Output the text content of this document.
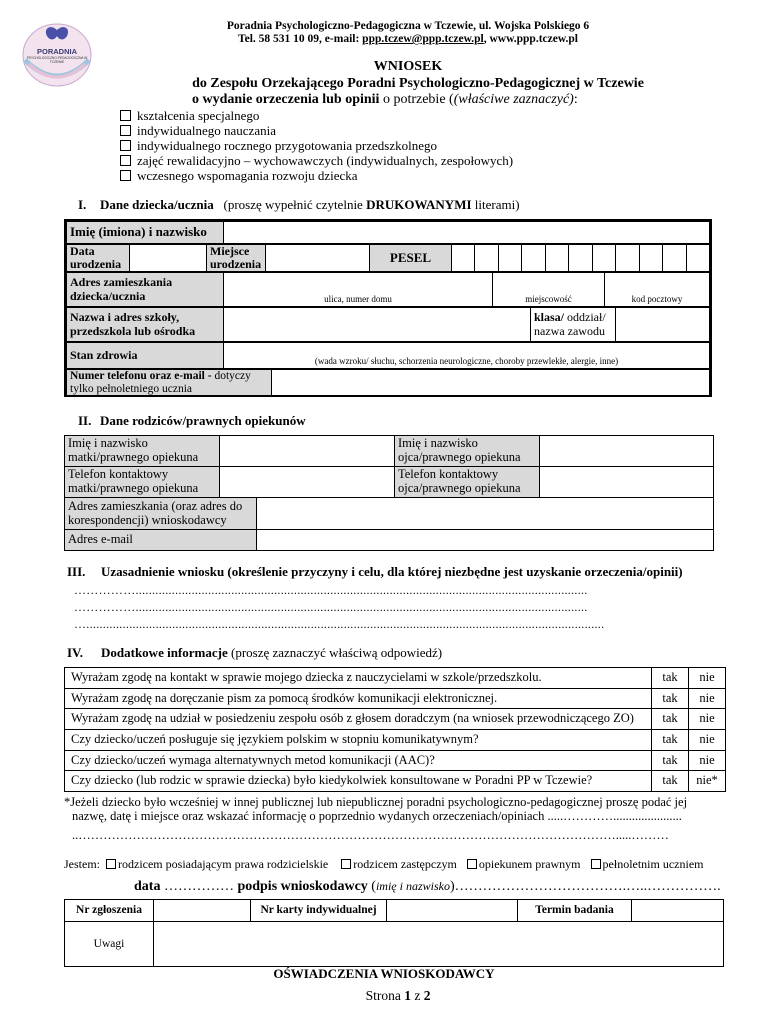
PORADNIA
PSYCHOLOGICZNO-PEDAGOGICZNA W TCZEWIE
Poradnia Psychologiczno-Pedagogiczna w Tczewie, ul. Wojska Polskiego 6
Tel. 58 531 10 09, e-mail: ppp.tczew@ppp.tczew.pl, www.ppp.tczew.pl
WNIOSEK
do Zespołu Orzekającego Poradni Psychologiczno-Pedagogicznej w Tczewie
o wydanie orzeczenia lub opinii o potrzebie ((właściwe zaznaczyć):
kształcenia specjalnego
indywidualnego nauczania
indywidualnego rocznego przygotowania przedszkolnego
zajęć rewalidacyjno – wychowawczych (indywidualnych, zespołowych)
wczesnego wspomagania rozwoju dziecka
I. Dane dziecka/ucznia (proszę wypełnić czytelnie DRUKOWANYMI literami)
Imię (imiona) i nazwisko	
Data urodzenia		Miejsce urodzenia		PESEL											
Adres zamieszkania dziecka/ucznia	ulica, numer domu	miejscowość	kod pocztowy
Nazwa i adres szkoły, przedszkola lub ośrodka		klasa/ oddział/ nazwa zawodu	
Stan zdrowia	(wada wzroku/ słuchu, schorzenia neurologiczne, choroby przewlekłe, alergie, inne)
Numer telefonu oraz e-mail - dotyczy tylko pełnoletniego ucznia	
II. Dane rodziców/prawnych opiekunów
Imię i nazwisko matki/prawnego opiekuna		Imię i nazwisko ojca/prawnego opiekuna	
Telefon kontaktowy matki/prawnego opiekuna		Telefon kontaktowy ojca/prawnego opiekuna	
Adres zamieszkania (oraz adres do korespondencji) wnioskodawcy	
Adres e-mail	
III. Uzasadnienie wniosku (określenie przyczyny i celu, dla której niezbędne jest uzyskanie orzeczenia/opinii)
…………….........................................................................................................................................
…………….........................................................................................................................................
….............................................................................................................................................................
IV. Dodatkowe informacje (proszę zaznaczyć właściwą odpowiedź)
Wyrażam zgodę na kontakt w sprawie mojego dziecka z nauczycielami w szkole/przedszkolu.	tak	nie
Wyrażam zgodę na doręczanie pism za pomocą środków komunikacji elektronicznej.	tak	nie
Wyrażam zgodę na udział w posiedzeniu zespołu osób z głosem doradczym (na wniosek przewodniczącego ZO)	tak	nie
Czy dziecko/uczeń posługuje się językiem polskim w stopniu komunikatywnym?	tak	nie
Czy dziecko/uczeń wymaga alternatywnych metod komunikacji (AAC)?	tak	nie
Czy dziecko (lub rodzic w sprawie dziecka) było kiedykolwiek konsultowane w Poradni PP w Tczewie?	tak	nie*
*Jeżeli dziecko było wcześniej w innej publicznej lub niepublicznej poradni psychologiczno-pedagogicznej proszę podać jej
nazwę, datę i miejsce oraz wskazać informację o poprzednio wydanych orzeczeniach/opiniach .....…………......................
..………………………………………………………………………………………………………………….....………
Jestem: rodzicem posiadającym prawa rodzicielskie rodzicem zastępczym opiekunem prawnym pełnoletnim uczniem
data …………… podpis wnioskodawcy (imię i nazwisko)……………………………….…..…………….
Nr zgłoszenia		Nr karty indywidualnej		Termin badania	
Uwagi					
OŚWIADCZENIA WNIOSKODAWCY
Strona 1 z 2
